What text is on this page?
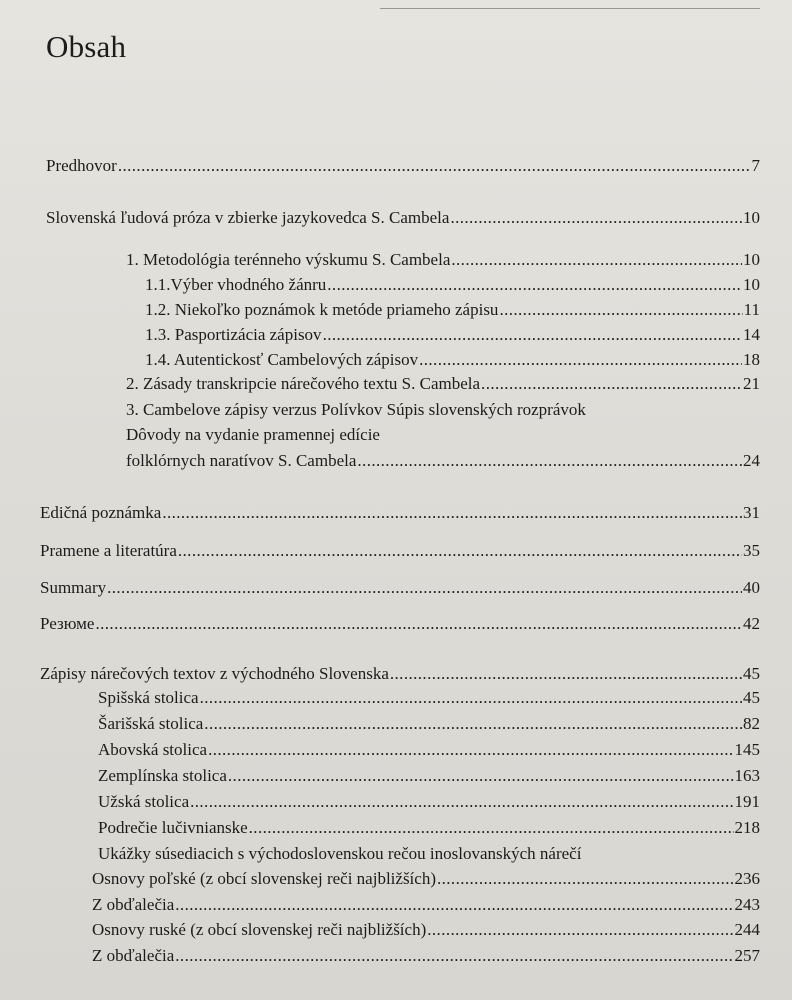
Obsah
Predhovor .....	7
Slovenská ľudová próza v zbierke jazykovedca S. Cambela .....	10
1. Metodológia terénneho výskumu S. Cambela .....	10
1.1.Výber vhodného žánru .....	10
1.2. Niekoľko poznámok k metóde priameho zápisu .....	11
1.3. Pasportizácia zápisov .....	14
1.4. Autentickosť Cambelových zápisov .....	18
2. Zásady transkripcie nárečového textu S. Cambela .....	21
3. Cambelove zápisy verzus Polívkov Súpis slovenských rozprávok
Dôvody na vydanie pramennej edície
folklórnych naratívov S. Cambela .....	24
Edičná poznámka .....	31
Pramene a literatúra .....	35
Summary .....	40
Резюме .....	42
Zápisy nárečových textov z východného Slovenska .....	45
Spišská stolica .....	45
Šarišská stolica .....	82
Abovská stolica .....	145
Zemplínska stolica .....	163
Užská stolica .....	191
Podrečie lučivnianske .....	218
Ukážky súsediacich s východoslovenskou rečou inoslovanských nárečí
Osnovy poľské (z obcí slovenskej reči najbližších) .....	236
Z obďalečia .....	243
Osnovy ruské (z obcí slovenskej reči najbližších) .....	244
Z obďalečia .....	257
